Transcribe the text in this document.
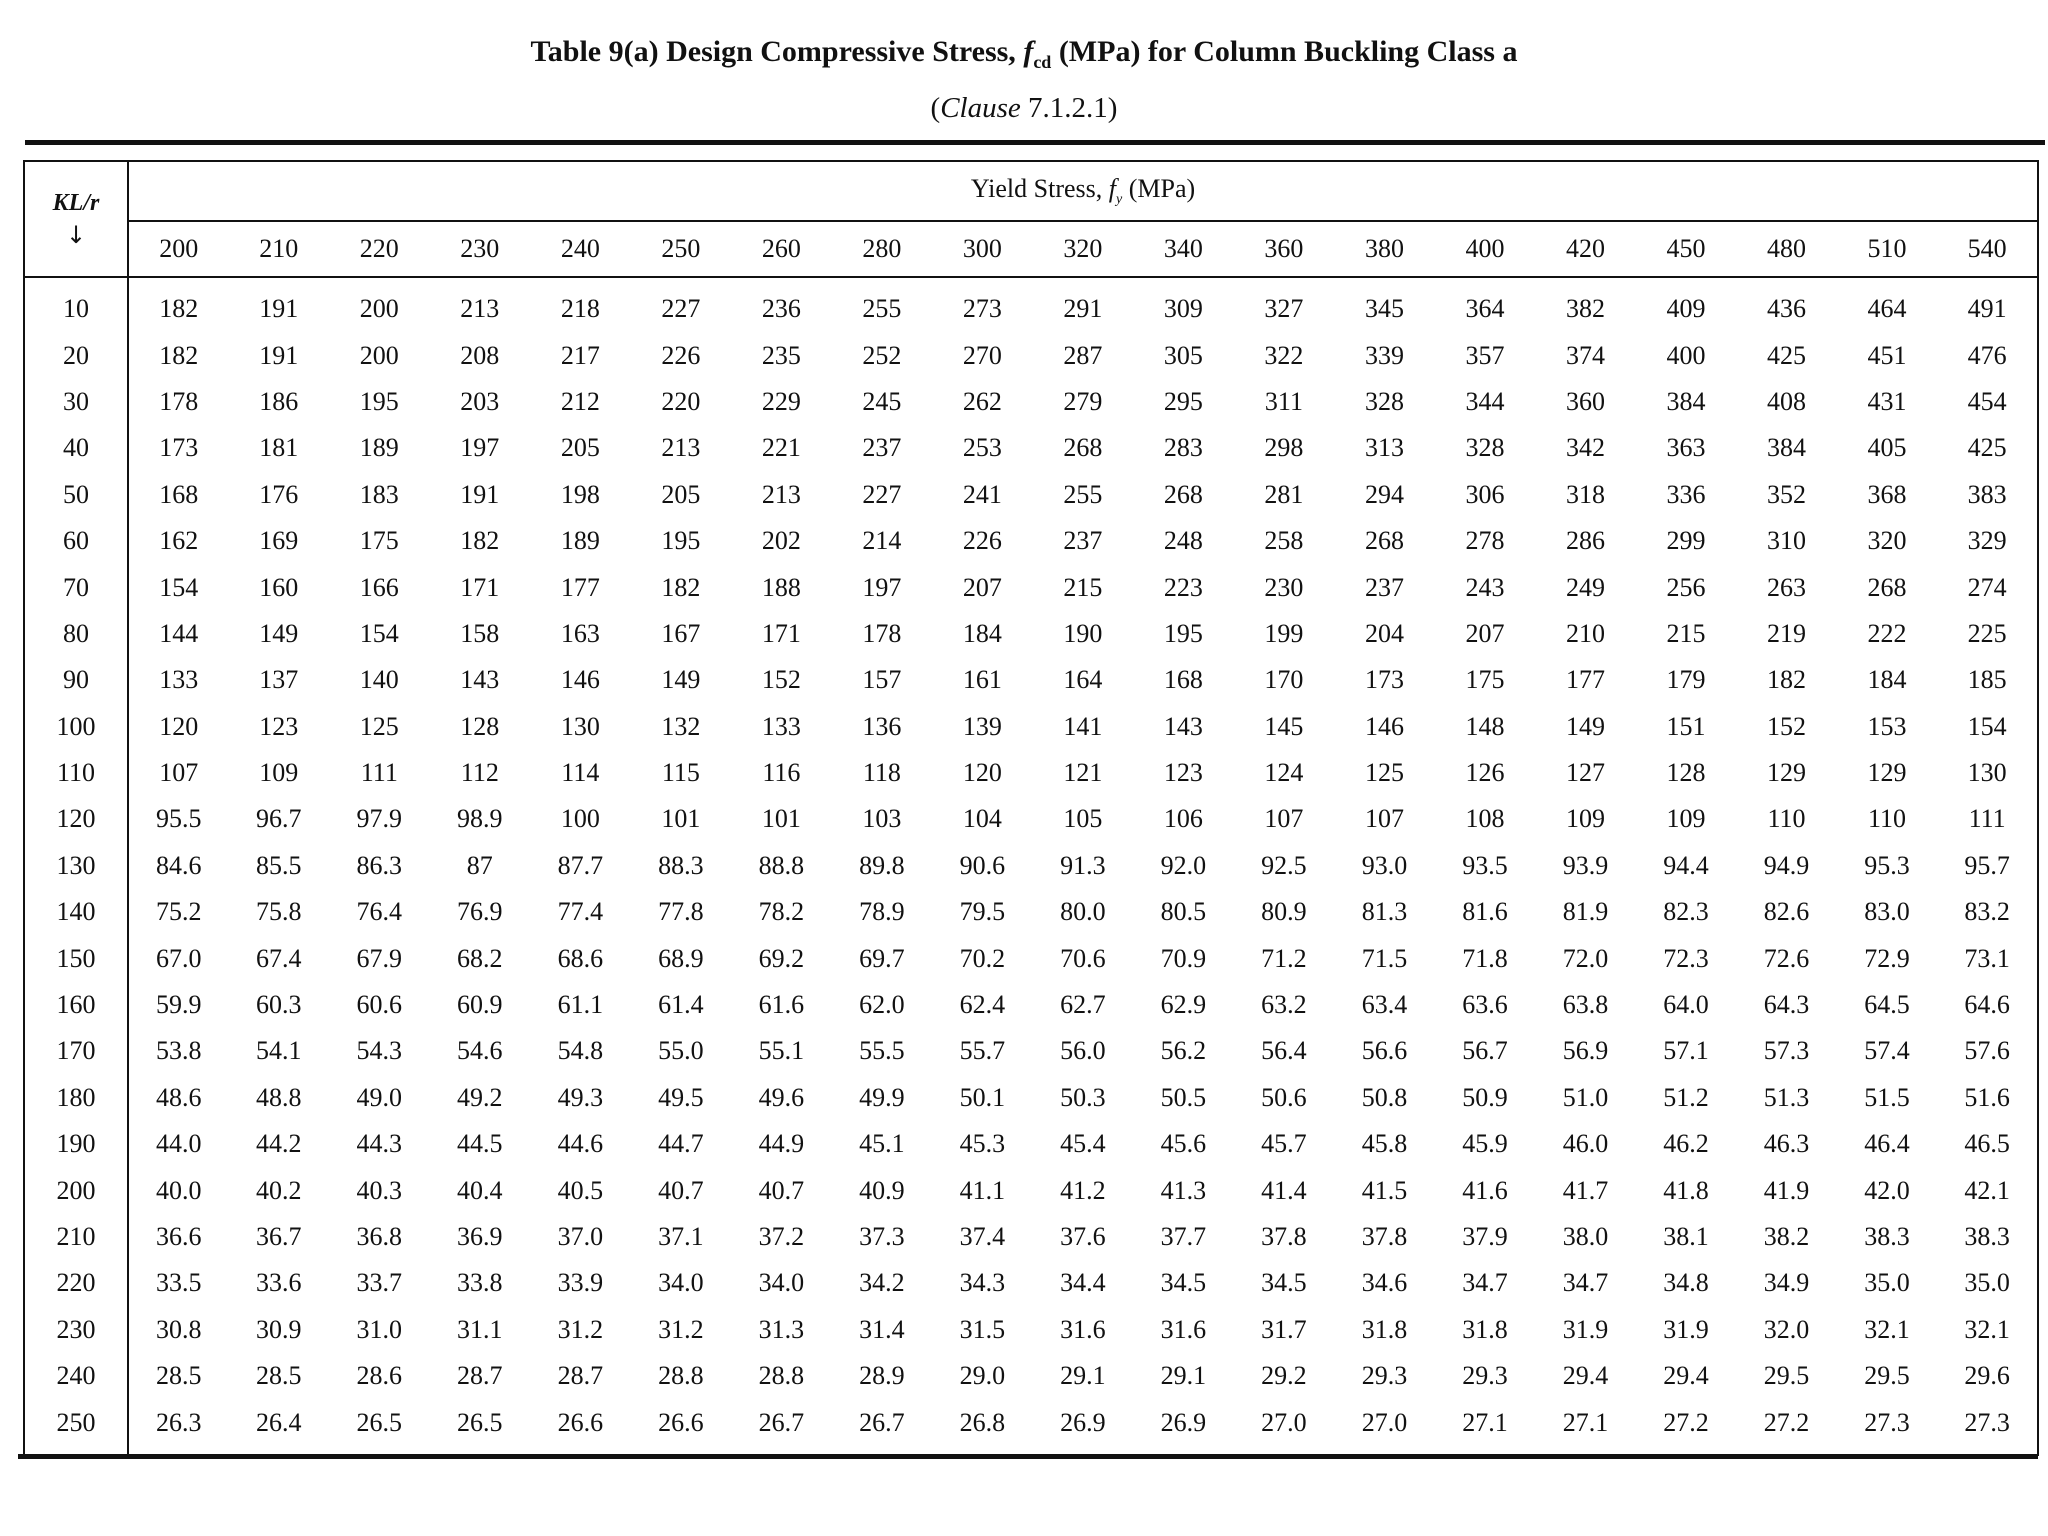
Table 9(a) Design Compressive Stress, $f_{cd}$ (MPa) for Column Buckling Class a
(Clause 7.1.2.1)
KL/r
↓	Yield Stress, $f_y$ (MPa)																		
	200	210	220	230	240	250	260	280	300	320	340	360	380	400	420	450	480	510	540
10	182	191	200	213	218	227	236	255	273	291	309	327	345	364	382	409	436	464	491
20	182	191	200	208	217	226	235	252	270	287	305	322	339	357	374	400	425	451	476
30	178	186	195	203	212	220	229	245	262	279	295	311	328	344	360	384	408	431	454
40	173	181	189	197	205	213	221	237	253	268	283	298	313	328	342	363	384	405	425
50	168	176	183	191	198	205	213	227	241	255	268	281	294	306	318	336	352	368	383
60	162	169	175	182	189	195	202	214	226	237	248	258	268	278	286	299	310	320	329
70	154	160	166	171	177	182	188	197	207	215	223	230	237	243	249	256	263	268	274
80	144	149	154	158	163	167	171	178	184	190	195	199	204	207	210	215	219	222	225
90	133	137	140	143	146	149	152	157	161	164	168	170	173	175	177	179	182	184	185
100	120	123	125	128	130	132	133	136	139	141	143	145	146	148	149	151	152	153	154
110	107	109	111	112	114	115	116	118	120	121	123	124	125	126	127	128	129	129	130
120	95.5	96.7	97.9	98.9	100	101	101	103	104	105	106	107	107	108	109	109	110	110	111
130	84.6	85.5	86.3	87	87.7	88.3	88.8	89.8	90.6	91.3	92.0	92.5	93.0	93.5	93.9	94.4	94.9	95.3	95.7
140	75.2	75.8	76.4	76.9	77.4	77.8	78.2	78.9	79.5	80.0	80.5	80.9	81.3	81.6	81.9	82.3	82.6	83.0	83.2
150	67.0	67.4	67.9	68.2	68.6	68.9	69.2	69.7	70.2	70.6	70.9	71.2	71.5	71.8	72.0	72.3	72.6	72.9	73.1
160	59.9	60.3	60.6	60.9	61.1	61.4	61.6	62.0	62.4	62.7	62.9	63.2	63.4	63.6	63.8	64.0	64.3	64.5	64.6
170	53.8	54.1	54.3	54.6	54.8	55.0	55.1	55.5	55.7	56.0	56.2	56.4	56.6	56.7	56.9	57.1	57.3	57.4	57.6
180	48.6	48.8	49.0	49.2	49.3	49.5	49.6	49.9	50.1	50.3	50.5	50.6	50.8	50.9	51.0	51.2	51.3	51.5	51.6
190	44.0	44.2	44.3	44.5	44.6	44.7	44.9	45.1	45.3	45.4	45.6	45.7	45.8	45.9	46.0	46.2	46.3	46.4	46.5
200	40.0	40.2	40.3	40.4	40.5	40.7	40.7	40.9	41.1	41.2	41.3	41.4	41.5	41.6	41.7	41.8	41.9	42.0	42.1
210	36.6	36.7	36.8	36.9	37.0	37.1	37.2	37.3	37.4	37.6	37.7	37.8	37.8	37.9	38.0	38.1	38.2	38.3	38.3
220	33.5	33.6	33.7	33.8	33.9	34.0	34.0	34.2	34.3	34.4	34.5	34.5	34.6	34.7	34.7	34.8	34.9	35.0	35.0
230	30.8	30.9	31.0	31.1	31.2	31.2	31.3	31.4	31.5	31.6	31.6	31.7	31.8	31.8	31.9	31.9	32.0	32.1	32.1
240	28.5	28.5	28.6	28.7	28.7	28.8	28.8	28.9	29.0	29.1	29.1	29.2	29.3	29.3	29.4	29.4	29.5	29.5	29.6
250	26.3	26.4	26.5	26.5	26.6	26.6	26.7	26.7	26.8	26.9	26.9	27.0	27.0	27.1	27.1	27.2	27.2	27.3	27.3
